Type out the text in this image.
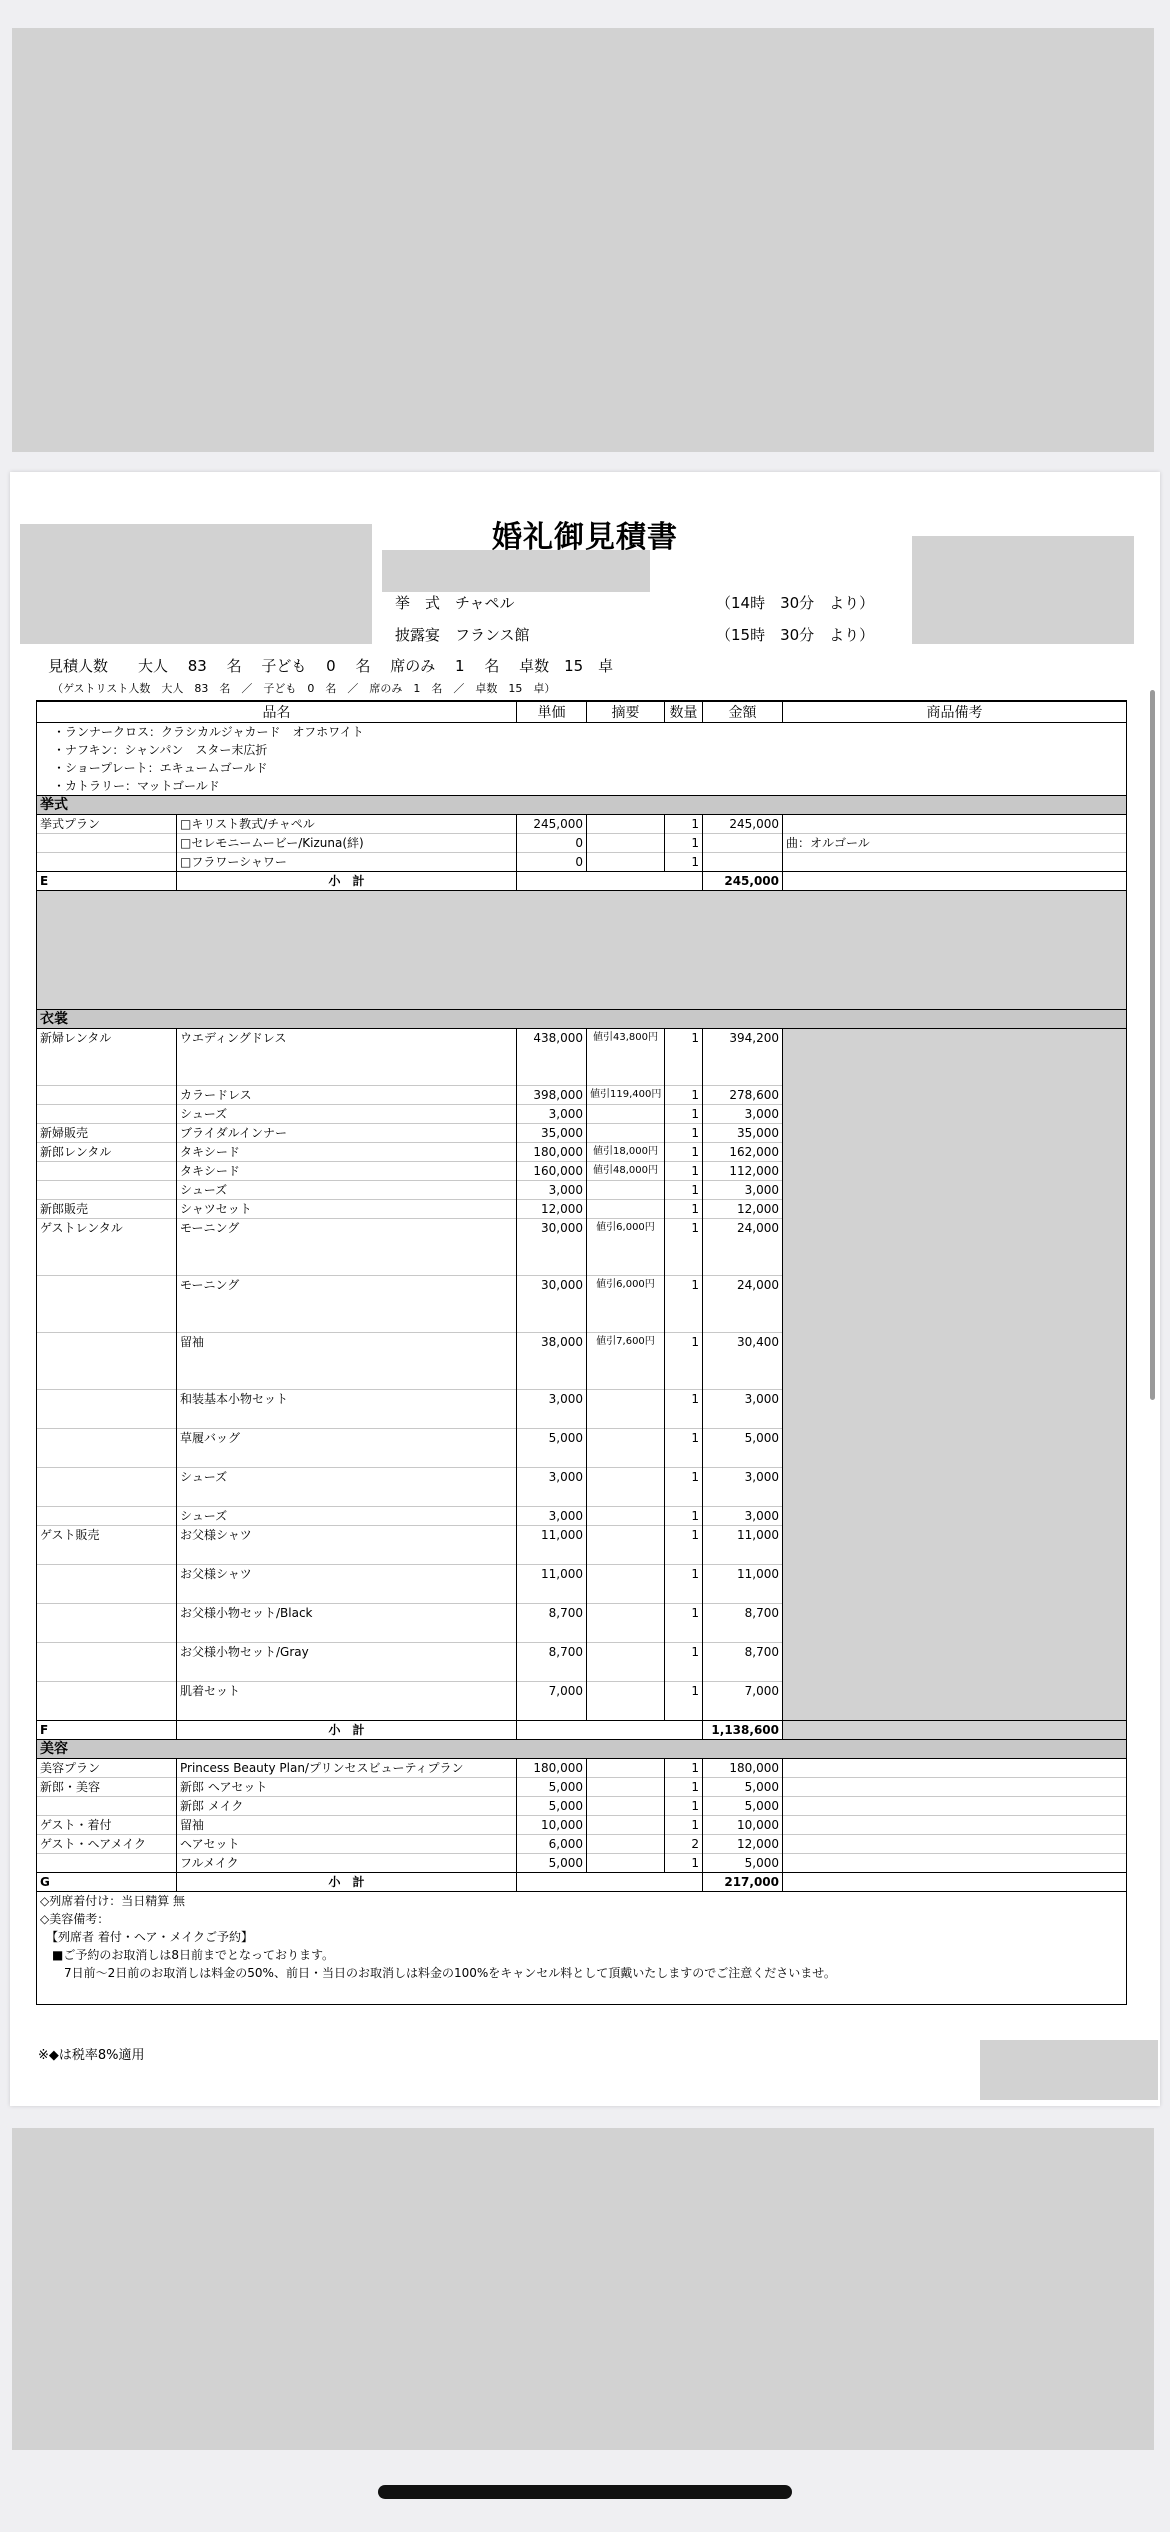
婚礼御見積書
挙　式　チャペル	（14時　30分　より）
披露宴　フランス館	（15時　30分　より）
見積人数　　大人　 83　 名　 子ども　 0　 名　 席のみ　 1　 名　 卓数　15　卓
（ゲストリスト人数　大人　83　名　／　子ども　0　名　／　席のみ　1　名　／　卓数　15　卓）
品名		単価	摘要	数量	金額	商品備考
・ランナークロス：クラシカルジャカード　オフホワイト						
・ナフキン：シャンパン　スター末広折						
・ショープレート：エキュームゴールド						
・カトラリー：マットゴールド						
挙式						
挙式プラン	□キリスト教式/チャペル	245,000		1	245,000	
	□セレモニームービー/Kizuna(絆)	0		1		曲：オルゴール
	□フラワーシャワー	0		1		
E	小　計				245,000	

衣裳						
新婦レンタル	ウエディングドレス	438,000	値引43,800円	1	394,200	
	カラードレス	398,000	値引119,400円	1	278,600	
	シューズ	3,000		1	3,000	
新婦販売	ブライダルインナー	35,000		1	35,000	
新郎レンタル	タキシード	180,000	値引18,000円	1	162,000	
	タキシード	160,000	値引48,000円	1	112,000	
	シューズ	3,000		1	3,000	
新郎販売	シャツセット	12,000		1	12,000	
ゲストレンタル	モーニング	30,000	値引6,000円	1	24,000	
	モーニング	30,000	値引6,000円	1	24,000	
	留袖	38,000	値引7,600円	1	30,400	
	和装基本小物セット	3,000		1	3,000	
	草履バッグ	5,000		1	5,000	
	シューズ	3,000		1	3,000	
	シューズ	3,000		1	3,000	
ゲスト販売	お父様シャツ	11,000		1	11,000	
	お父様シャツ	11,000		1	11,000	
	お父様小物セット/Black	8,700		1	8,700	
	お父様小物セット/Gray	8,700		1	8,700	
	肌着セット	7,000		1	7,000	
F	小　計				1,138,600	
美容						
美容プラン	Princess Beauty Plan/プリンセスビューティプラン	180,000		1	180,000	
新郎・美容	新郎 ヘアセット	5,000		1	5,000	
	新郎 メイク	5,000		1	5,000	
ゲスト・着付	留袖	10,000		1	10,000	
ゲスト・ヘアメイク	ヘアセット	6,000		2	12,000	
	フルメイク	5,000		1	5,000	
G	小　計				217,000	
◇列席着付け：当日精算 無						
◇美容備考：						
　【列席者 着付・ヘア・メイクご予約】						
　■ご予約のお取消しは8日前までとなっております。						
　　7日前〜2日前のお取消しは料金の50%、前日・当日のお取消しは料金の100%をキャンセル料として頂戴いたしますのでご注意くださいませ。						
※◆は税率8%適用
